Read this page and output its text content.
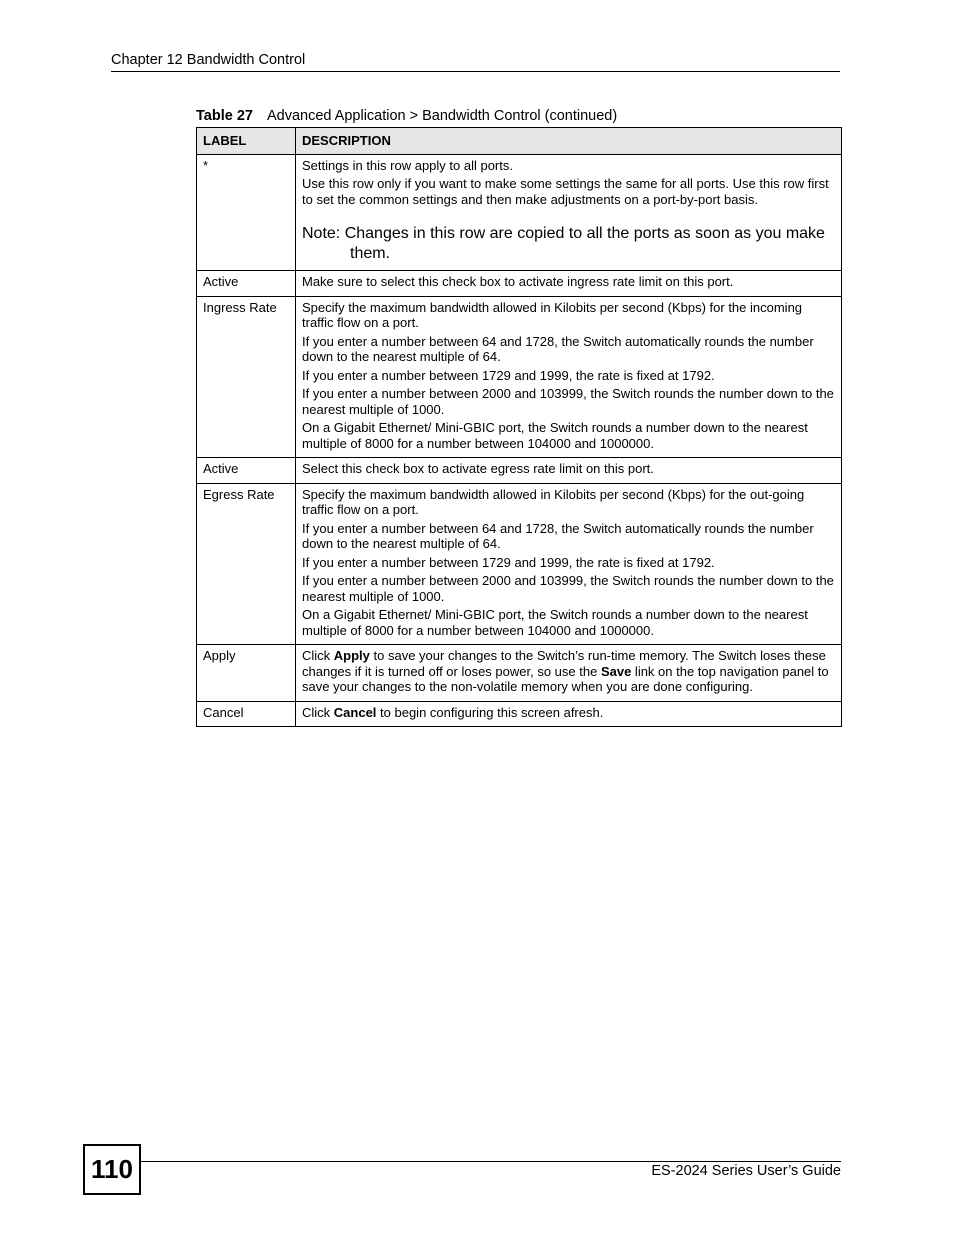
Chapter 12 Bandwidth Control
Table 27 Advanced Application > Bandwidth Control (continued)
LABEL	DESCRIPTION
*	Settings in this row apply to all ports.
Use this row only if you want to make some settings the same for all ports. Use this row first to set the common settings and then make adjustments on a port-by-port basis.
Note: Changes in this row are copied to all the ports as soon as you make them.

Active	Make sure to select this check box to activate ingress rate limit on this port.

Ingress Rate	Specify the maximum bandwidth allowed in Kilobits per second (Kbps) for the incoming traffic flow on a port.
If you enter a number between 64 and 1728, the Switch automatically rounds the number down to the nearest multiple of 64.
If you enter a number between 1729 and 1999, the rate is fixed at 1792.
If you enter a number between 2000 and 103999, the Switch rounds the number down to the nearest multiple of 1000.
On a Gigabit Ethernet/ Mini-GBIC port, the Switch rounds a number down to the nearest multiple of 8000 for a number between 104000 and 1000000.

Active	Select this check box to activate egress rate limit on this port.

Egress Rate	Specify the maximum bandwidth allowed in Kilobits per second (Kbps) for the out-going traffic flow on a port.
If you enter a number between 64 and 1728, the Switch automatically rounds the number down to the nearest multiple of 64.
If you enter a number between 1729 and 1999, the rate is fixed at 1792.
If you enter a number between 2000 and 103999, the Switch rounds the number down to the nearest multiple of 1000.
On a Gigabit Ethernet/ Mini-GBIC port, the Switch rounds a number down to the nearest multiple of 8000 for a number between 104000 and 1000000.

Apply	Click Apply to save your changes to the Switch’s run-time memory. The Switch loses these changes if it is turned off or loses power, so use the Save link on the top navigation panel to save your changes to the non-volatile memory when you are done configuring.

Cancel	Click Cancel to begin configuring this screen afresh.
110	ES-2024 Series User’s Guide
